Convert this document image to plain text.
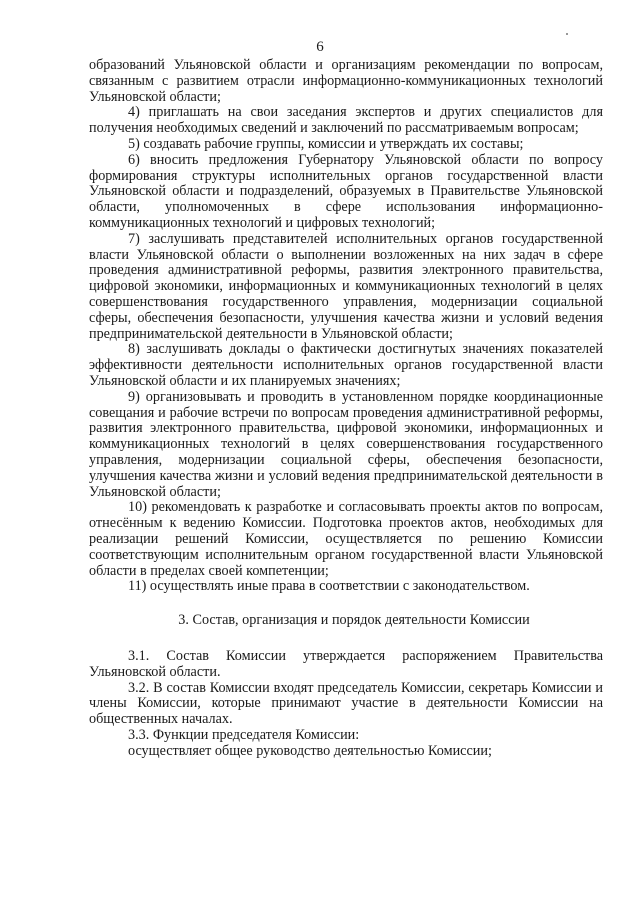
6

образований Ульяновской области и организациям рекомендации по вопросам, связанным с развитием отрасли информационно-коммуникационных технологий Ульяновской области;

4) приглашать на свои заседания экспертов и других специалистов для получения необходимых сведений и заключений по рассматриваемым вопросам;

5) создавать рабочие группы, комиссии и утверждать их составы;

6) вносить предложения Губернатору Ульяновской области по вопросу формирования структуры исполнительных органов государственной власти Ульяновской области и подразделений, образуемых в Правительстве Ульяновской области, уполномоченных в сфере использования информационно-коммуникационных технологий и цифровых технологий;

7) заслушивать представителей исполнительных органов государственной власти Ульяновской области о выполнении возложенных на них задач в сфере проведения административной реформы, развития электронного правительства, цифровой экономики, информационных и коммуникационных технологий в целях совершенствования государственного управления, модернизации социальной сферы, обеспечения безопасности, улучшения качества жизни и условий ведения предпринимательской деятельности в Ульяновской области;

8) заслушивать доклады о фактически достигнутых значениях показателей эффективности деятельности исполнительных органов государственной власти Ульяновской области и их планируемых значениях;

9) организовывать и проводить в установленном порядке координационные совещания и рабочие встречи по вопросам проведения административной реформы, развития электронного правительства, цифровой экономики, информационных и коммуникационных технологий в целях совершенствования государственного управления, модернизации социальной сферы, обеспечения безопасности, улучшения качества жизни и условий ведения предпринимательской деятельности в Ульяновской области;

10) рекомендовать к разработке и согласовывать проекты актов по вопросам, отнесённым к ведению Комиссии. Подготовка проектов актов, необходимых для реализации решений Комиссии, осуществляется по решению Комиссии соответствующим исполнительным органом государственной власти Ульяновской области в пределах своей компетенции;

11) осуществлять иные права в соответствии с законодательством.

3. Состав, организация и порядок деятельности Комиссии

3.1. Состав Комиссии утверждается распоряжением Правительства Ульяновской области.

3.2. В состав Комиссии входят председатель Комиссии, секретарь Комиссии и члены Комиссии, которые принимают участие в деятельности Комиссии на общественных началах.

3.3. Функции председателя Комиссии:

осуществляет общее руководство деятельностью Комиссии;
